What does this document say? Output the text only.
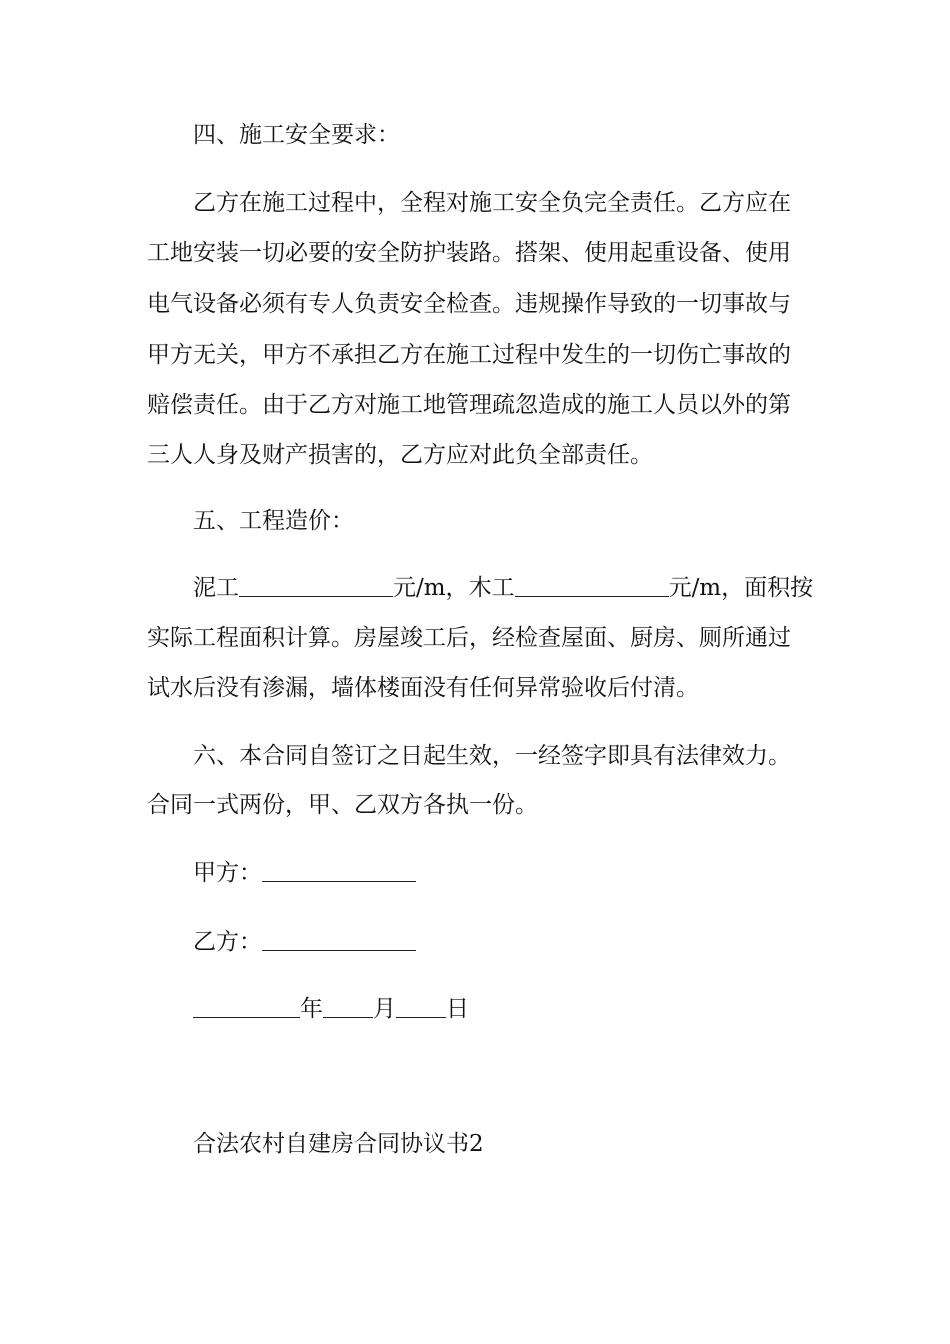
四、施工安全要求：
乙方在施工过程中，全程对施工安全负完全责任。乙方应在
工地安装一切必要的安全防护装路。搭架、使用起重设备、使用
电气设备必须有专人负责安全检查。违规操作导致的一切事故与
甲方无关，甲方不承担乙方在施工过程中发生的一切伤亡事故的
赔偿责任。由于乙方对施工地管理疏忽造成的施工人员以外的第
三人人身及财产损害的，乙方应对此负全部责任。
五、工程造价：
泥工	元/m，木工	元/m，面积按
实际工程面积计算。房屋竣工后，经检查屋面、厨房、厕所通过
试水后没有渗漏，墙体楼面没有任何异常验收后付清。
六、本合同自签订之日起生效，一经签字即具有法律效力。
合同一式两份，甲、乙双方各执一份。
甲方：
乙方：
年 月 日
合法农村自建房合同协议书2
